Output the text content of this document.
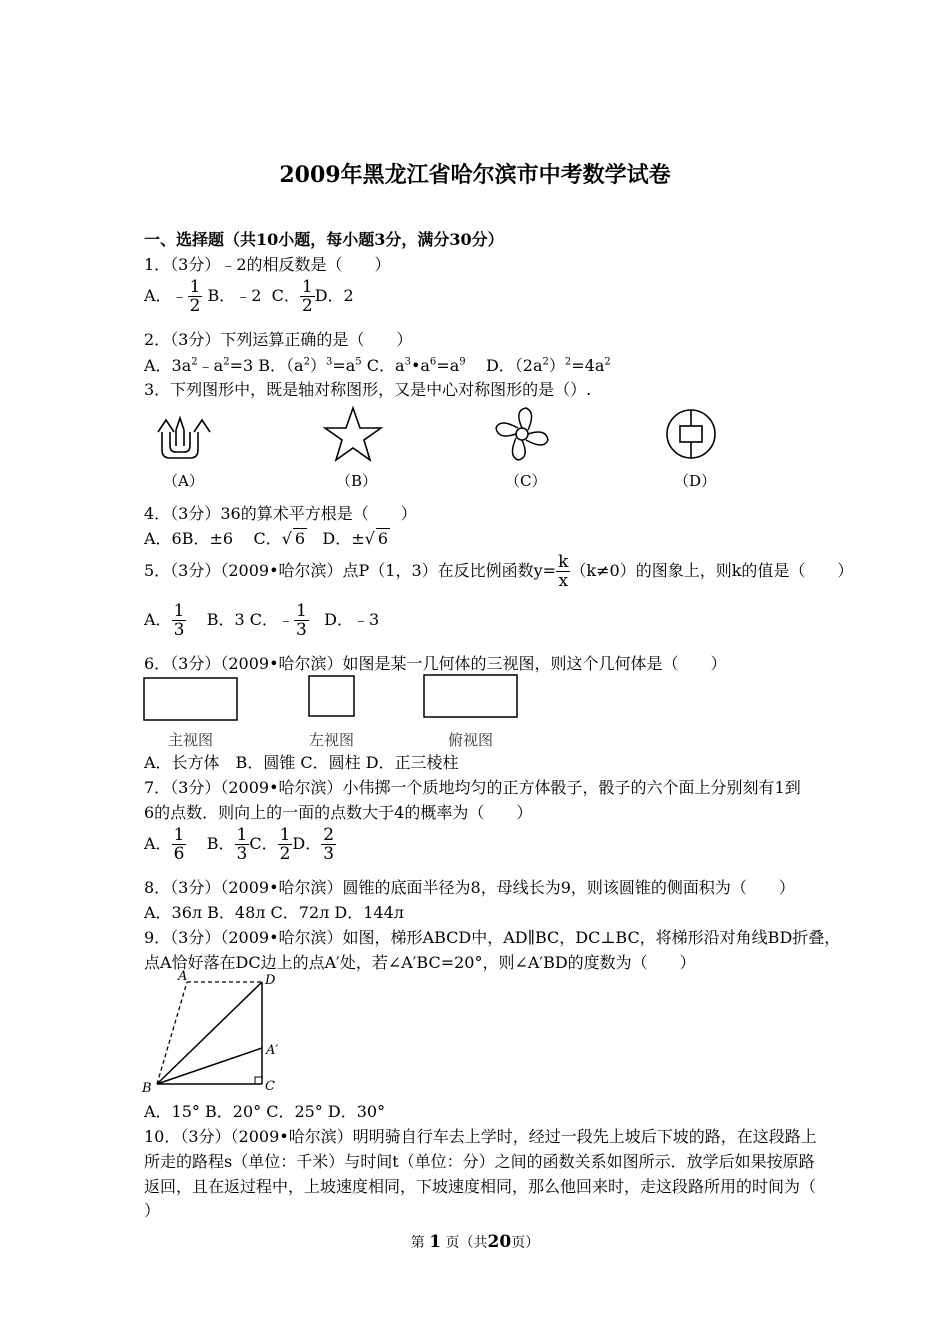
2009年黑龙江省哈尔滨市中考数学试卷
一、选择题（共10小题，每小题3分，满分30分）
1．（3分）﹣2的相反数是（　　）
A．﹣ $\frac{1}{2}$ B．﹣2 C． $\frac{1}{2}$ D．2
2．（3分）下列运算正确的是（　　）
A．$3a^2﹣a^2=3$ B．$(a^2)^3=a^5$ C．$a^3•a^6=a^9$ D．$(2a^2)^2=4a^2$
3．下列图形中，既是轴对称图形，又是中心对称图形的是（）.
（A）	（B）	（C）	（D）
4．（3分）36的算术平方根是（　　）
A．6B．±6 C．√ 6 D．±√ 6
5．（3分）（2009•哈尔滨）点P（1，3）在反比例函数$y= \frac{k}{x} (k\ne 0)$的图象上，则k的值是（　　）
A． $\frac{1}{3}$ B．3 C．﹣ $\frac{1}{3}$ D．﹣3
6．（3分）（2009•哈尔滨）如图是某一几何体的三视图，则这个几何体是（　　）
主视图	左视图	俯视图
A．长方体　B．圆锥 C．圆柱 D．正三棱柱
7．（3分）（2009•哈尔滨）小伟掷一个质地均匀的正方体骰子，骰子的六个面上分别刻有1到
6的点数．则向上的一面的点数大于4的概率为（　　）
A． $\frac{1}{6}$ B． $\frac{1}{3}$ C． $\frac{1}{2}$ D． $\frac{2}{3}$
8．（3分）（2009•哈尔滨）圆锥的底面半径为8，母线长为9，则该圆锥的侧面积为（　　）
A．36л B．48л C．72л D．144л
9．（3分）（2009•哈尔滨）如图，梯形ABCD中，AD∥BC，DC⊥BC，将梯形沿对角线BD折叠，
点A恰好落在DC边上的点A′处，若∠A′BC=20°，则∠A′BD的度数为（　　）
A	D
A′
B	C
A．15° B．20° C．25° D．30°
10．（3分）（2009•哈尔滨）明明骑自行车去上学时，经过一段先上坡后下坡的路，在这段路上
所走的路程s（单位：千米）与时间t（单位：分）之间的函数关系如图所示．放学后如果按原路
返回，且在返过程中，上坡速度相同，下坡速度相同，那么他回来时，走这段路所用的时间为（
）
第 1 页（共20页）
